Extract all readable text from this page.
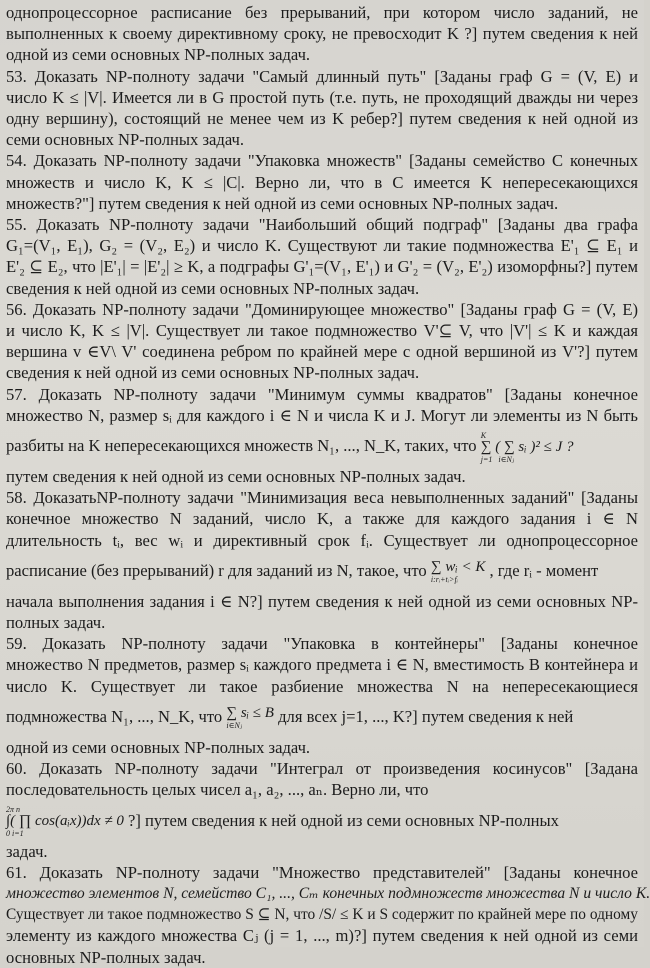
однопроцессорное расписание без прерываний, при котором число заданий, не
выполненных к своему директивному сроку, не превосходит K ?] путем сведения к ней
одной из семи основных NP-полных задач.
53. Доказать NP-полноту задачи "Самый длинный путь" [Заданы граф G = (V, E) и
число K ≤ |V|. Имеется ли в G простой путь (т.е. путь, не проходящий дважды ни через
одну вершину), состоящий не менее чем из K ребер?] путем сведения к ней одной из
семи основных NP-полных задач.
54. Доказать NP-полноту задачи "Упаковка множеств" [Заданы семейство C конечных
множеств и число K, K ≤ |C|. Верно ли, что в C имеется K непересекающихся
множеств?"] путем сведения к ней одной из семи основных NP-полных задач.
55. Доказать NP-полноту задачи "Наибольший общий подграф" [Заданы два графа
G₁=(V₁, E₁), G₂ = (V₂, E₂) и число K. Существуют ли такие подмножества E'₁ ⊆ E₁ и
E'₂ ⊆ E₂, что |E'₁| = |E'₂| ≥ K, а подграфы G'₁=(V₁, E'₁) и G'₂ = (V₂, E'₂) изоморфны?] путем
сведения к ней одной из семи основных NP-полных задач.
56. Доказать NP-полноту задачи "Доминирующее множество" [Заданы граф G = (V, E)
и число K, K ≤ |V|. Существует ли такое подмножество V'⊆ V, что |V'| ≤ K и каждая
вершина v ∈V\ V' соединена ребром по крайней мере с одной вершиной из V'?] путем
сведения к ней одной из семи основных NP-полных задач.
57. Доказать NP-полноту задачи "Минимум суммы квадратов" [Заданы конечное
множество N, размер sᵢ для каждого i ∈ N и числа K и J. Могут ли элементы из N быть
разбиты на K непересекающихся множеств N₁, ..., N_K, таких, что
K
∑ ( ∑ sᵢ )² ≤ J ?
j=1 i∈Nⱼ
путем сведения к ней одной из семи основных NP-полных задач.
58. ДоказатьNP-полноту задачи "Минимизация веса невыполненных заданий" [Заданы
конечное множество N заданий, число K, а также для каждого задания i ∈ N
длительность tᵢ, вес wᵢ и директивный срок fᵢ. Существует ли однопроцессорное
расписание (без прерываний) r для заданий из N, такое, что ∑ wᵢ < K
i:rᵢ+tᵢ>fᵢ	, где rᵢ - момент
начала выполнения задания i ∈ N?] путем сведения к ней одной из семи основных NP-
полных задач.
59. Доказать NP-полноту задачи "Упаковка в контейнеры" [Заданы конечное
множество N предметов, размер sᵢ каждого предмета i ∈ N, вместимость B контейнера и
число K. Существует ли такое разбиение множества N на непересекающиеся
подмножества N₁, ..., N_K, что ∑ sᵢ ≤ B
i∈Nⱼ	для всех j=1, ..., K?] путем сведения к ней
одной из семи основных NP-полных задач.
60. Доказать NP-полноту задачи "Интеграл от произведения косинусов" [Задана
последовательность целых чисел a₁, a₂, ..., aₙ. Верно ли, что
2π n
∫( ∏ cos(aᵢx))dx ≠ 0
0 i=1
?] путем сведения к ней одной из семи основных NP-полных
задач.
61. Доказать NP-полноту задачи "Множество представителей" [Заданы конечное
множество элементов N, семейство C₁, ..., Cₘ конечных подмножеств множества N и число K.
Существует ли такое подмножество S ⊆ N, что /S/ ≤ K и S содержит по крайней мере по одному
элементу из каждого множества Cⱼ (j = 1, ..., m)?] путем сведения к ней одной из семи
основных NP-полных задач.
